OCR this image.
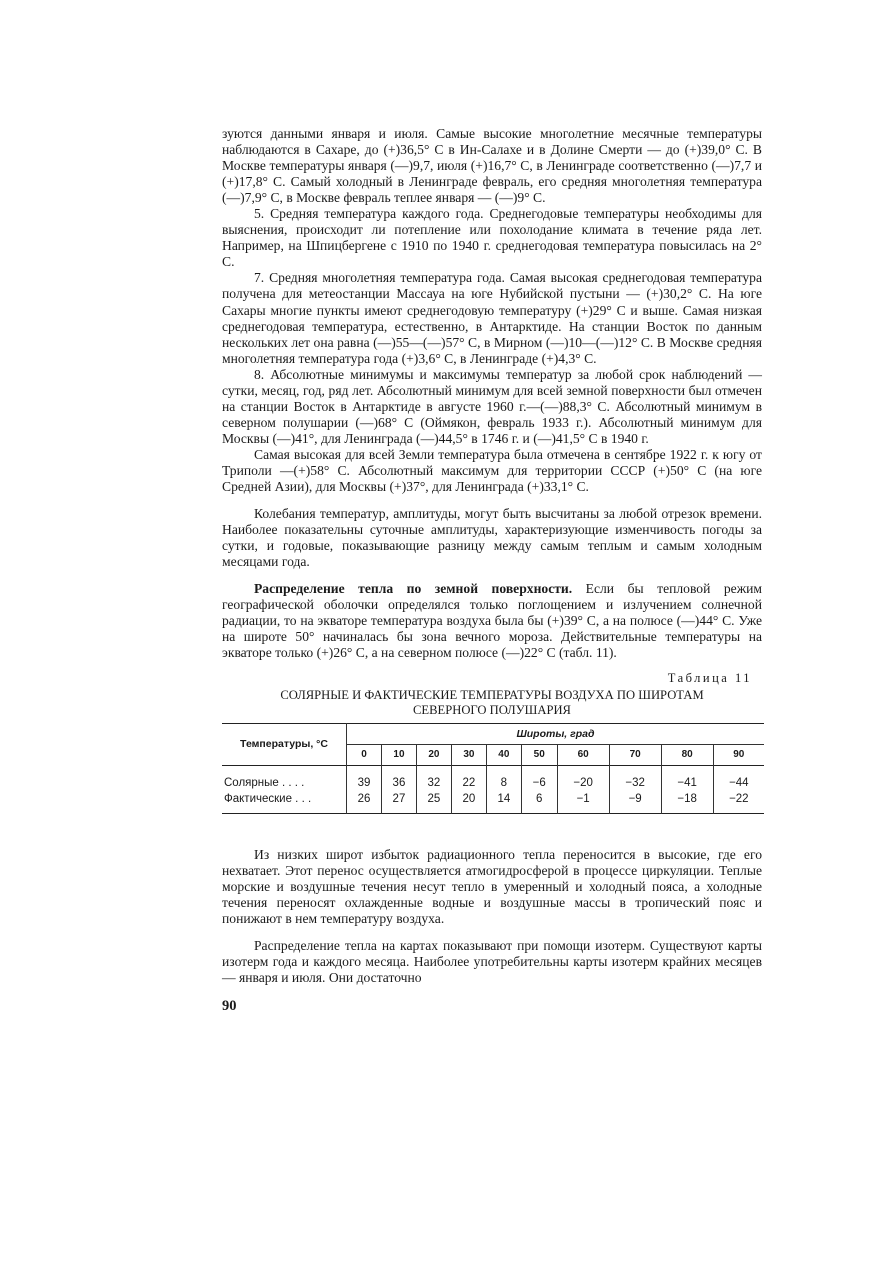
зуются данными января и июля. Самые высокие многолетние месячные температуры наблюдаются в Сахаре, до (+)36,5° С в Ин-Салахе и в Долине Смерти — до (+)39,0° С. В Москве температуры января (—)9,7, июля (+)16,7° С, в Ленинграде соответственно (—)7,7 и (+)17,8° С. Самый холодный в Ленинграде февраль, его средняя многолетняя температура (—)7,9° С, в Москве февраль теплее января — (—)9° С.

5. Средняя температура каждого года. Среднегодовые температуры необходимы для выяснения, происходит ли потепление или похолодание климата в течение ряда лет. Например, на Шпицбергене с 1910 по 1940 г. среднегодовая температура повысилась на 2° С.

7. Средняя многолетняя температура года. Самая высокая среднегодовая температура получена для метеостанции Массауа на юге Нубийской пустыни — (+)30,2° С. На юге Сахары многие пункты имеют среднегодовую температуру (+)29° С и выше. Самая низкая среднегодовая температура, естественно, в Антарктиде. На станции Восток по данным нескольких лет она равна (—)55—(—)57° С, в Мирном (—)10—(—)12° С. В Москве средняя многолетняя температура года (+)3,6° С, в Ленинграде (+)4,3° С.

8. Абсолютные минимумы и максимумы температур за любой срок наблюдений — сутки, месяц, год, ряд лет. Абсолютный минимум для всей земной поверхности был отмечен на станции Восток в Антарктиде в августе 1960 г.—(—)88,3° С. Абсолютный минимум в северном полушарии (—)68° С (Оймякон, февраль 1933 г.). Абсолютный минимум для Москвы (—)41°, для Ленинграда (—)44,5° в 1746 г. и (—)41,5° С в 1940 г.

Самая высокая для всей Земли температура была отмечена в сентябре 1922 г. к югу от Триполи —(+)58° С. Абсолютный максимум для территории СССР (+)50° С (на юге Средней Азии), для Москвы (+)37°, для Ленинграда (+)33,1° С.

Колебания температур, амплитуды, могут быть высчитаны за любой отрезок времени. Наиболее показательны суточные амплитуды, характеризующие изменчивость погоды за сутки, и годовые, показывающие разницу между самым теплым и самым холодным месяцами года.

Распределение тепла по земной поверхности. Если бы тепловой режим географической оболочки определялся только поглощением и излучением солнечной радиации, то на экваторе температура воздуха была бы (+)39° С, а на полюсе (—)44° С. Уже на широте 50° начиналась бы зона вечного мороза. Действительные температуры на экваторе только (+)26° С, а на северном полюсе (—)22° С (табл. 11).

Таблица 11
СОЛЯРНЫЕ И ФАКТИЧЕСКИЕ ТЕМПЕРАТУРЫ ВОЗДУХА ПО ШИРОТАМ
СЕВЕРНОГО ПОЛУШАРИЯ
Температуры, °С	Широты, град									
	0	10	20	30	40	50	60	70	80	90

Солярные . . . .	39	36	32	22	8	−6	−20	−32	−41	−44
Фактические . . .	26	27	25	20	14	6	−1	−9	−18	−22

Из низких широт избыток радиационного тепла переносится в высокие, где его нехватает. Этот перенос осуществляется атмогидросферой в процессе циркуляции. Теплые морские и воздушные течения несут тепло в умеренный и холодный пояса, а холодные течения переносят охлажденные водные и воздушные массы в тропический пояс и понижают в нем температуру воздуха.

Распределение тепла на картах показывают при помощи изотерм. Существуют карты изотерм года и каждого месяца. Наиболее употребительны карты изотерм крайних месяцев — января и июля. Они достаточно

90
